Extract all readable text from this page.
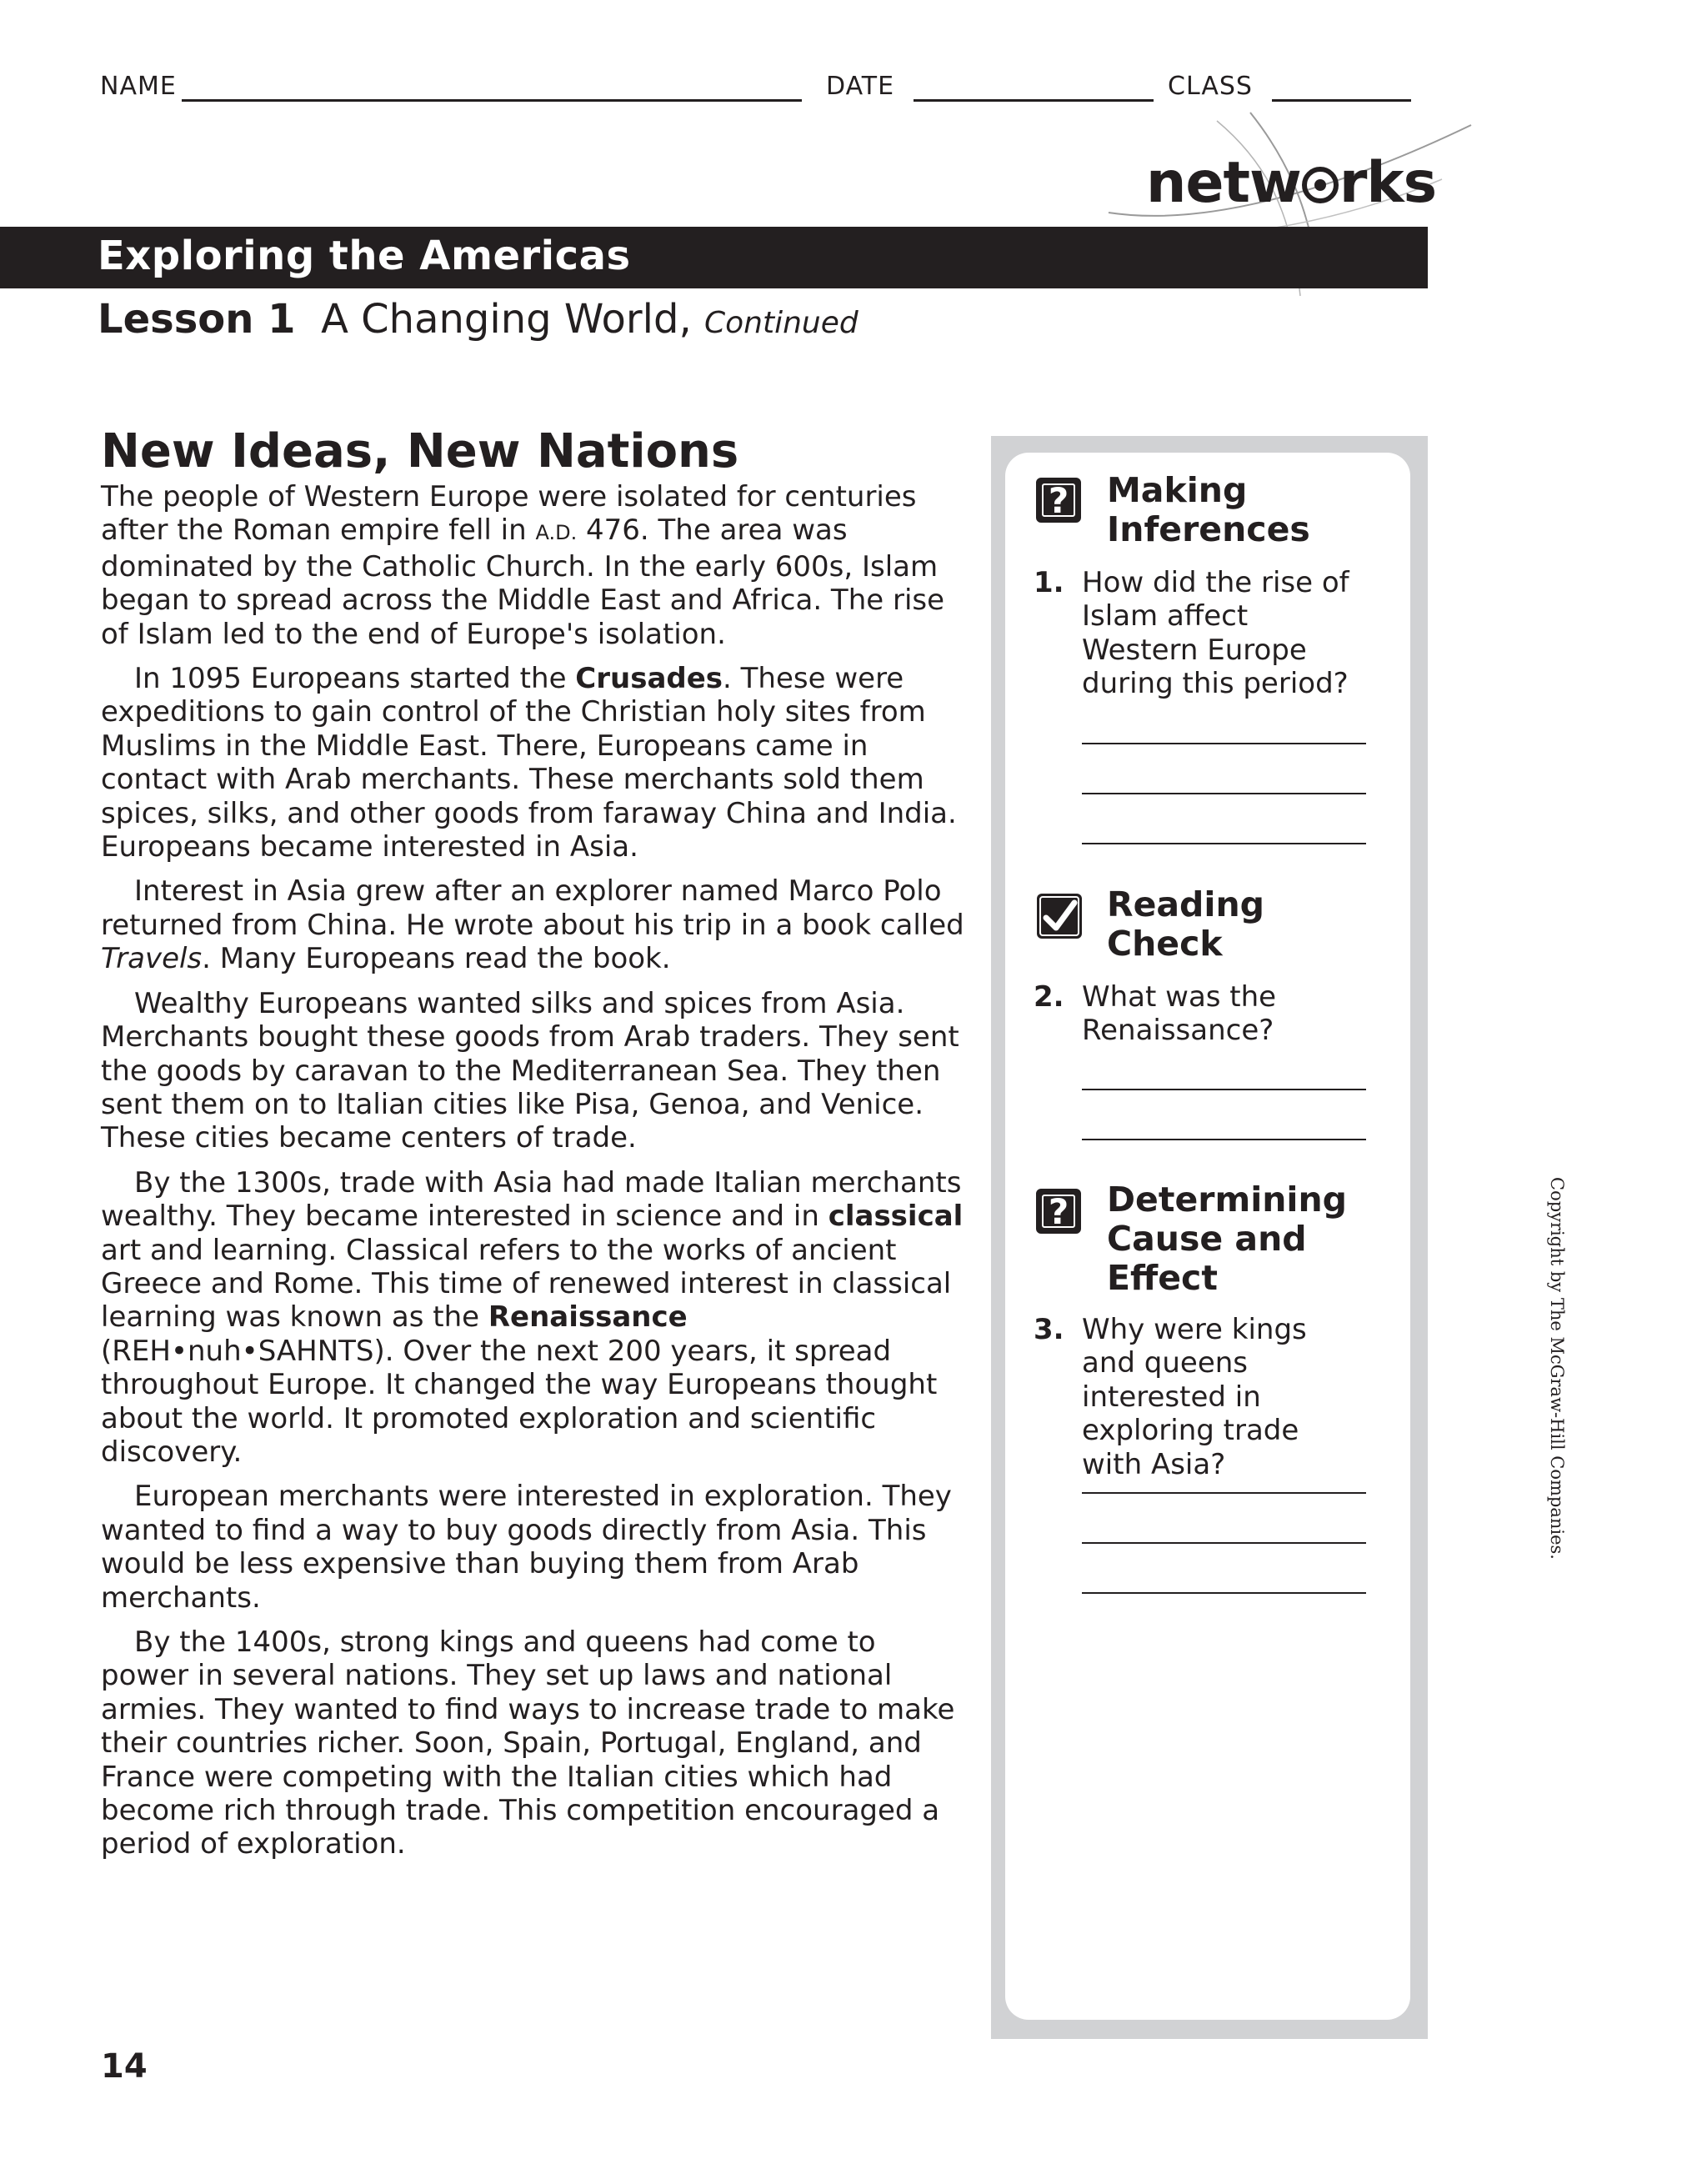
NAME	DATE	CLASS
netw rks
Exploring the Americas
Lesson 1 A Changing World, Continued
New Ideas, New Nations

The people of Western Europe were isolated for centuries after the Roman empire fell in A.D. 476. The area was dominated by the Catholic Church. In the early 600s, Islam began to spread across the Middle East and Africa. The rise of Islam led to the end of Europe's isolation.

In 1095 Europeans started the Crusades. These were expeditions to gain control of the Christian holy sites from Muslims in the Middle East. There, Europeans came in contact with Arab merchants. These merchants sold them spices, silks, and other goods from faraway China and India. Europeans became interested in Asia.

Interest in Asia grew after an explorer named Marco Polo returned from China. He wrote about his trip in a book called Travels. Many Europeans read the book.

Wealthy Europeans wanted silks and spices from Asia. Merchants bought these goods from Arab traders. They sent the goods by caravan to the Mediterranean Sea. They then sent them on to Italian cities like Pisa, Genoa, and Venice. These cities became centers of trade.

By the 1300s, trade with Asia had made Italian merchants wealthy. They became interested in science and in classical art and learning. Classical refers to the works of ancient Greece and Rome. This time of renewed interest in classical learning was known as the Renaissance (REH•nuh•SAHNTS). Over the next 200 years, it spread throughout Europe. It changed the way Europeans thought about the world. It promoted exploration and scientific discovery.

European merchants were interested in exploration. They wanted to find a way to buy goods directly from Asia. This would be less expensive than buying them from Arab merchants.

By the 1400s, strong kings and queens had come to power in several nations. They set up laws and national armies. They wanted to find ways to increase trade to make their countries richer. Soon, Spain, Portugal, England, and France were competing with the Italian cities which had become rich through trade. This competition encouraged a period of exploration.

? Making
Inferences
1. How did the rise of Islam affect Western Europe during this period?
Reading
Check
2. What was the Renaissance?
? Determining
Cause and
Effect
3. Why were kings and queens interested in exploring trade with Asia?	Copyright by The McGraw-Hill Companies.
14
